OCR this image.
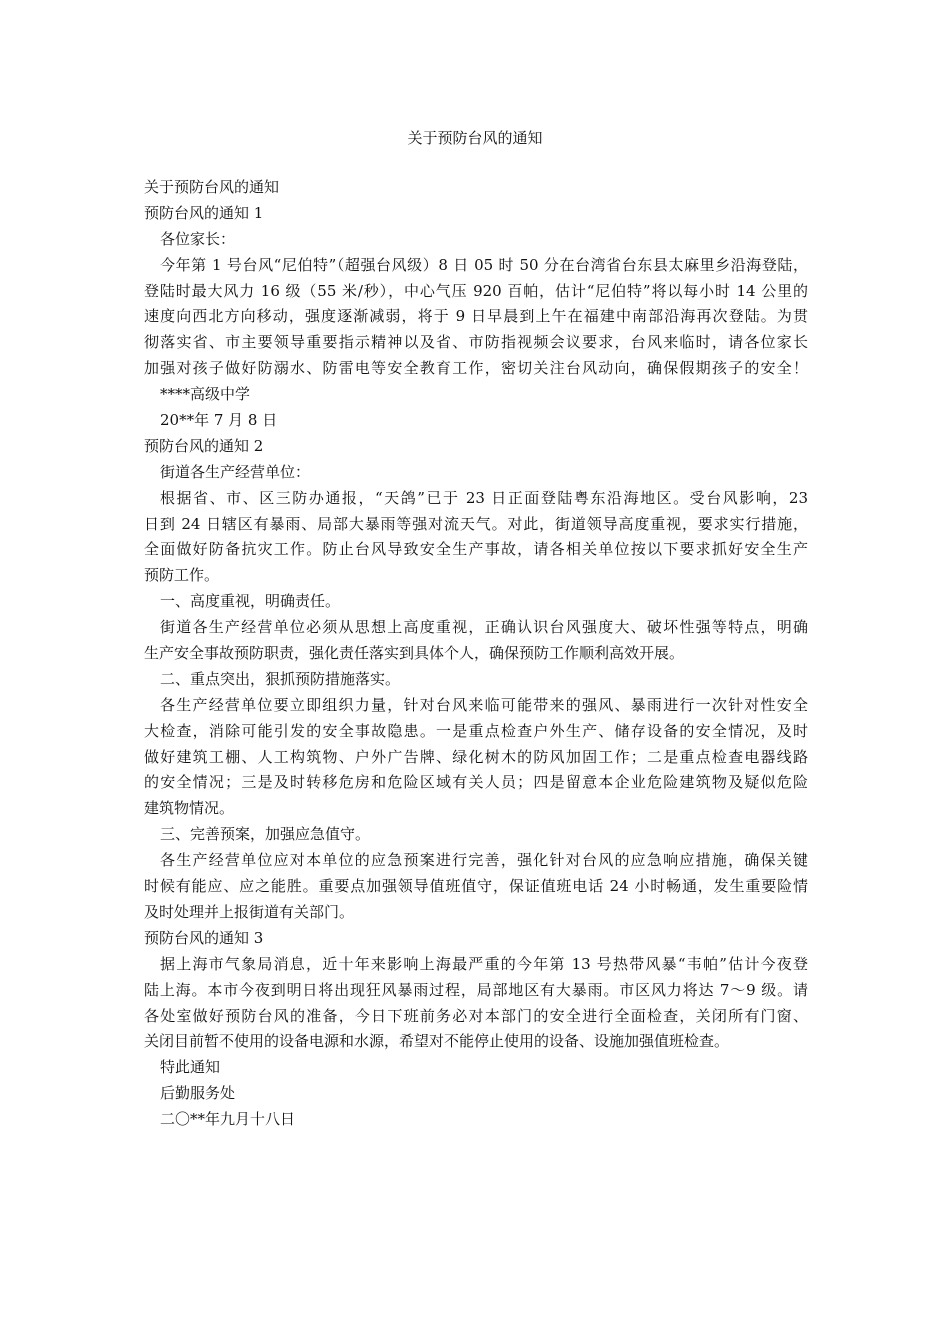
关于预防台风的通知
关于预防台风的通知
预防台风的通知 1
各位家长：
今年第 1 号台风“尼伯特”（超强台风级）8 日 05 时 50 分在台湾省台东县太麻里乡沿海登陆，
登陆时最大风力 16 级（55 米/秒），中心气压 920 百帕，估计“尼伯特”将以每小时 14 公里的
速度向西北方向移动，强度逐渐减弱，将于 9 日早晨到上午在福建中南部沿海再次登陆。为贯
彻落实省、市主要领导重要指示精神以及省、市防指视频会议要求，台风来临时，请各位家长
加强对孩子做好防溺水、防雷电等安全教育工作，密切关注台风动向，确保假期孩子的安全！
****高级中学
20**年 7 月 8 日
预防台风的通知 2
街道各生产经营单位：
根据省、市、区三防办通报，“天鸽”已于 23 日正面登陆粤东沿海地区。受台风影响，23
日到 24 日辖区有暴雨、局部大暴雨等强对流天气。对此，街道领导高度重视，要求实行措施，
全面做好防备抗灾工作。防止台风导致安全生产事故，请各相关单位按以下要求抓好安全生产
预防工作。
一、高度重视，明确责任。
街道各生产经营单位必须从思想上高度重视，正确认识台风强度大、破坏性强等特点，明确
生产安全事故预防职责，强化责任落实到具体个人，确保预防工作顺利高效开展。
二、重点突出，狠抓预防措施落实。
各生产经营单位要立即组织力量，针对台风来临可能带来的强风、暴雨进行一次针对性安全
大检查，消除可能引发的安全事故隐患。一是重点检查户外生产、储存设备的安全情况，及时
做好建筑工棚、人工构筑物、户外广告牌、绿化树木的防风加固工作；二是重点检查电器线路
的安全情况；三是及时转移危房和危险区域有关人员；四是留意本企业危险建筑物及疑似危险
建筑物情况。
三、完善预案，加强应急值守。
各生产经营单位应对本单位的应急预案进行完善，强化针对台风的应急响应措施，确保关键
时候有能应、应之能胜。重要点加强领导值班值守，保证值班电话 24 小时畅通，发生重要险情
及时处理并上报街道有关部门。
预防台风的通知 3
据上海市气象局消息，近十年来影响上海最严重的今年第 13 号热带风暴“韦帕”估计今夜登
陆上海。本市今夜到明日将出现狂风暴雨过程，局部地区有大暴雨。市区风力将达 7～9 级。请
各处室做好预防台风的准备，今日下班前务必对本部门的安全进行全面检查，关闭所有门窗、
关闭目前暂不使用的设备电源和水源，希望对不能停止使用的设备、设施加强值班检查。
特此通知
后勤服务处
二〇**年九月十八日
